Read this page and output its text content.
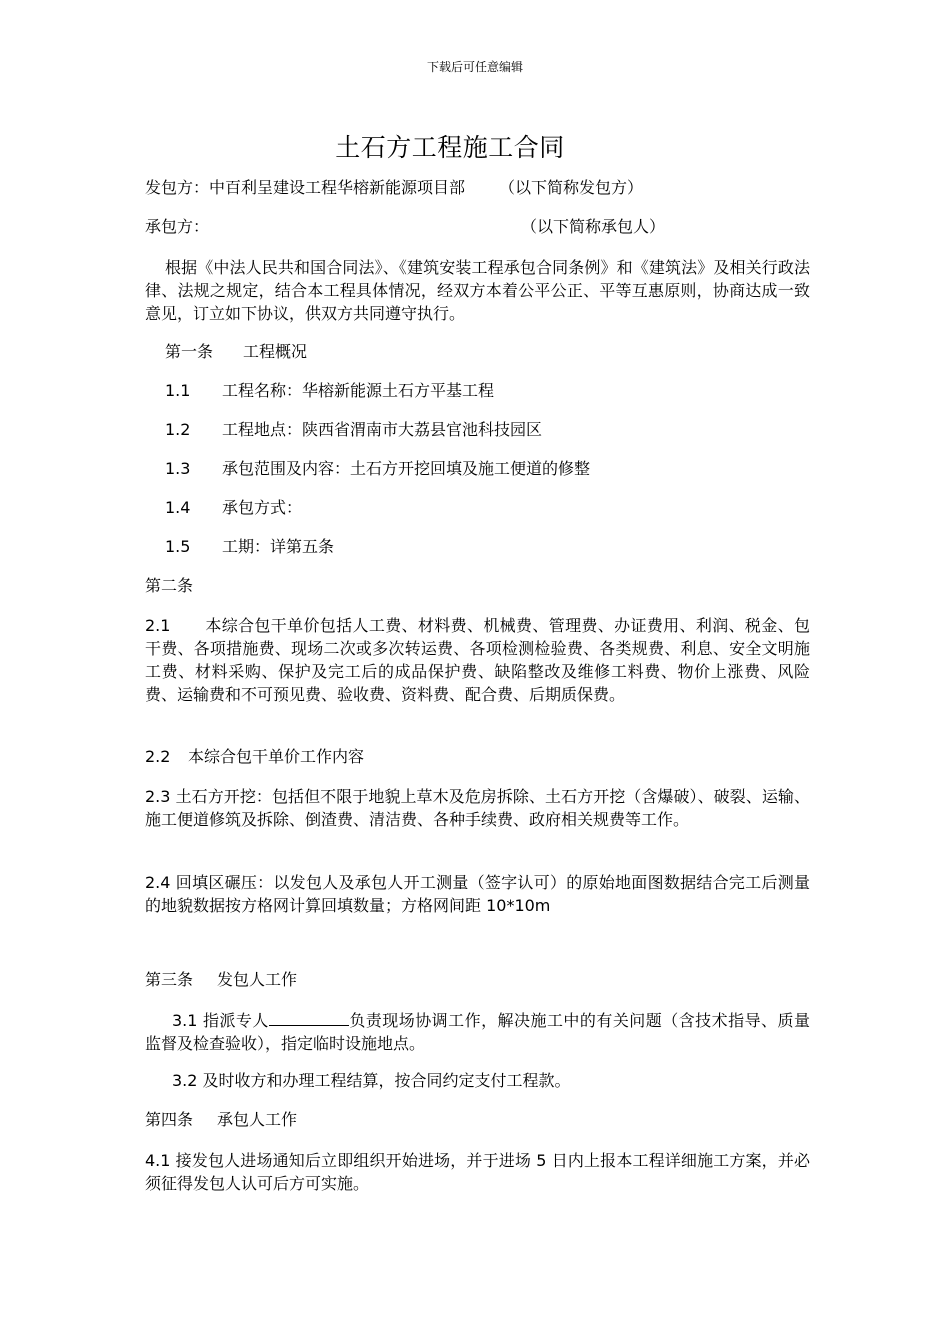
下载后可任意编辑
土石方工程施工合同
发包方：中百利呈建设工程华榕新能源项目部 （以下简称发包方）
承包方：	（以下简称承包人）
根据《中法人民共和国合同法》、《建筑安装工程承包合同条例》和《建筑法》及相关行政法律、法规之规定，结合本工程具体情况，经双方本着公平公正、平等互惠原则，协商达成一致意见，订立如下协议，供双方共同遵守执行。
第一条 工程概况
1.1 工程名称：华榕新能源土石方平基工程
1.2 工程地点：陕西省渭南市大荔县官池科技园区
1.3 承包范围及内容：土石方开挖回填及施工便道的修整
1.4 承包方式：
1.5 工期：详第五条
第二条
2.1 本综合包干单价包括人工费、材料费、机械费、管理费、办证费用、利润、税金、包干费、各项措施费、现场二次或多次转运费、各项检测检验费、各类规费、利息、安全文明施工费、材料采购、保护及完工后的成品保护费、缺陷整改及维修工料费、物价上涨费、风险费、运输费和不可预见费、验收费、资料费、配合费、后期质保费。
2.2 本综合包干单价工作内容
2.3 土石方开挖：包括但不限于地貌上草木及危房拆除、土石方开挖（含爆破）、破裂、运输、施工便道修筑及拆除、倒渣费、清洁费、各种手续费、政府相关规费等工作。
2.4 回填区碾压：以发包人及承包人开工测量（签字认可）的原始地面图数据结合完工后测量的地貌数据按方格网计算回填数量；方格网间距 10*10m
第三条 发包人工作
3.1 指派专人	负责现场协调工作，解决施工中的有关问题（含技术指导、质量监督及检查验收），指定临时设施地点。
3.2 及时收方和办理工程结算，按合同约定支付工程款。
第四条 承包人工作
4.1 接发包人进场通知后立即组织开始进场，并于进场 5 日内上报本工程详细施工方案，并必须征得发包人认可后方可实施。
